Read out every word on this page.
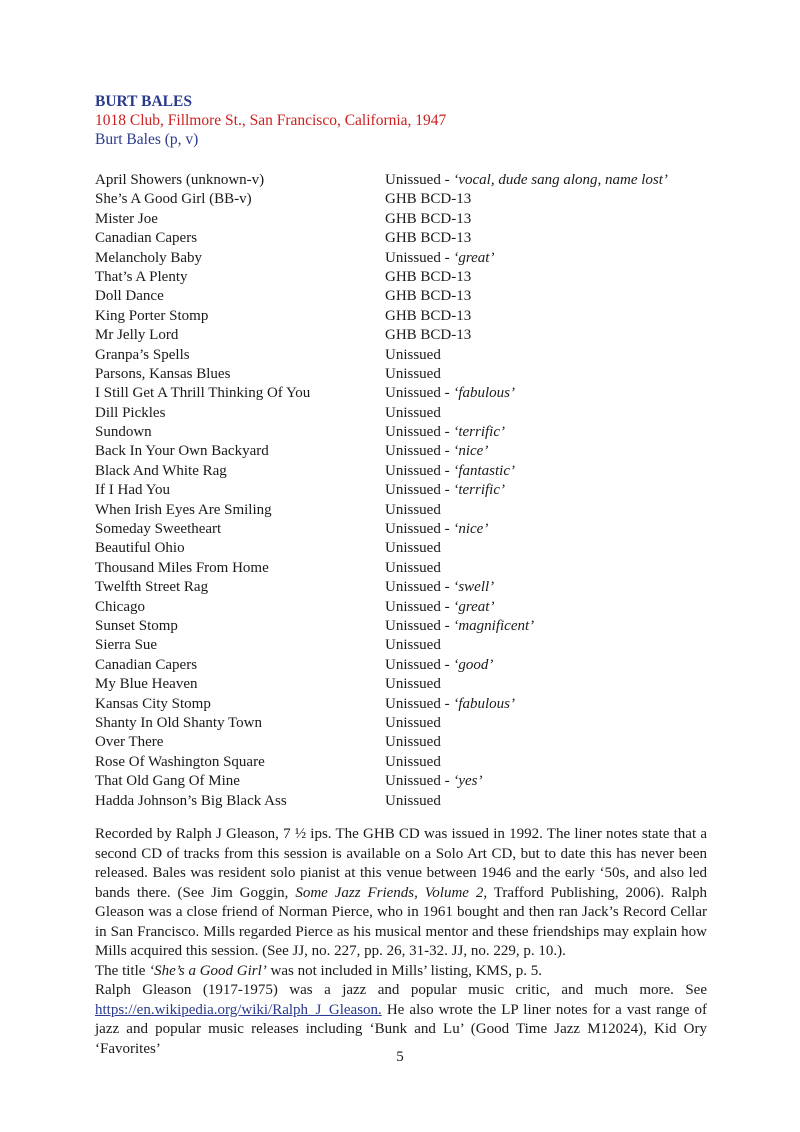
BURT BALES
1018 Club, Fillmore St., San Francisco, California, 1947
Burt Bales (p, v)
April Showers (unknown-v)	Unissued - ‘vocal, dude sang along, name lost’
She’s A Good Girl (BB-v)	GHB BCD-13
Mister Joe	GHB BCD-13
Canadian Capers	GHB BCD-13
Melancholy Baby	Unissued - ‘great’
That’s A Plenty	GHB BCD-13
Doll Dance	GHB BCD-13
King Porter Stomp	GHB BCD-13
Mr Jelly Lord	GHB BCD-13
Granpa’s Spells	Unissued
Parsons, Kansas Blues	Unissued
I Still Get A Thrill Thinking Of You	Unissued - ‘fabulous’
Dill Pickles	Unissued
Sundown	Unissued - ‘terrific’
Back In Your Own Backyard	Unissued - ‘nice’
Black And White Rag	Unissued - ‘fantastic’
If I Had You	Unissued - ‘terrific’
When Irish Eyes Are Smiling	Unissued
Someday Sweetheart	Unissued - ‘nice’
Beautiful Ohio	Unissued
Thousand Miles From Home	Unissued
Twelfth Street Rag	Unissued - ‘swell’
Chicago	Unissued - ‘great’
Sunset Stomp	Unissued - ‘magnificent’
Sierra Sue	Unissued
Canadian Capers	Unissued - ‘good’
My Blue Heaven	Unissued
Kansas City Stomp	Unissued - ‘fabulous’
Shanty In Old Shanty Town	Unissued
Over There	Unissued
Rose Of Washington Square	Unissued
That Old Gang Of Mine	Unissued - ‘yes’
Hadda Johnson’s Big Black Ass	Unissued

Recorded by Ralph J Gleason, 7 ½ ips. The GHB CD was issued in 1992. The liner notes state that a second CD of tracks from this session is available on a Solo Art CD, but to date this has never been released. Bales was resident solo pianist at this venue between 1946 and the early ‘50s, and also led bands there. (See Jim Goggin, Some Jazz Friends, Volume 2, Trafford Publishing, 2006). Ralph Gleason was a close friend of Norman Pierce, who in 1961 bought and then ran Jack’s Record Cellar in San Francisco. Mills regarded Pierce as his musical mentor and these friendships may explain how Mills acquired this session. (See JJ, no. 227, pp. 26, 31-32. JJ, no. 229, p. 10.).

The title ‘She’s a Good Girl’ was not included in Mills’ listing, KMS, p. 5.

Ralph Gleason (1917-1975) was a jazz and popular music critic, and much more. See https://en.wikipedia.org/wiki/Ralph_J_Gleason. He also wrote the LP liner notes for a vast range of jazz and popular music releases including ‘Bunk and Lu’ (Good Time Jazz M12024), Kid Ory ‘Favorites’

5
